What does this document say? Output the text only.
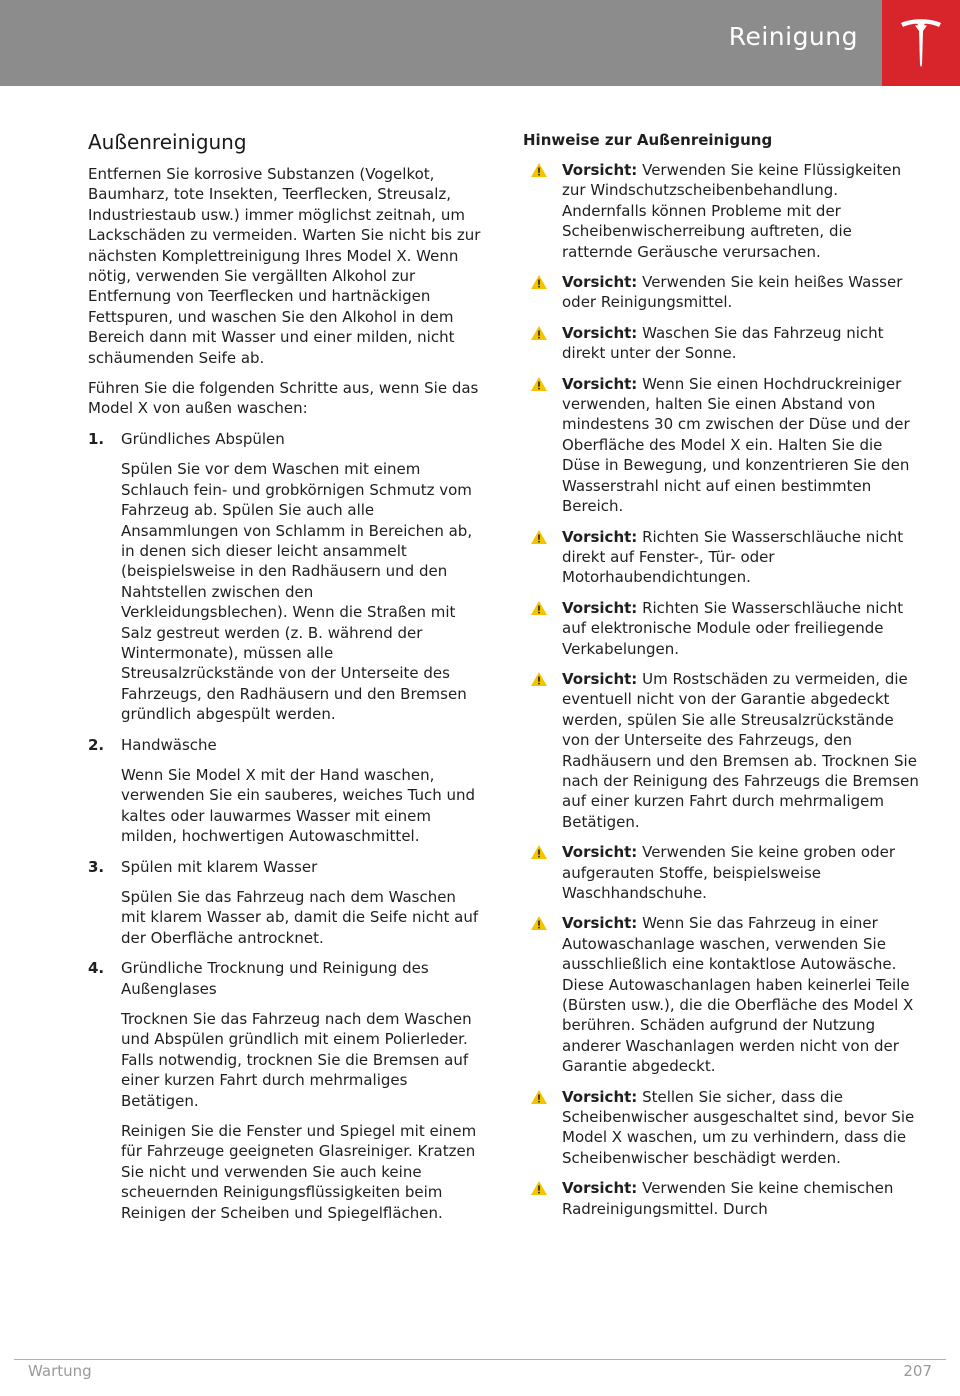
Reinigung
Außenreinigung

Entfernen Sie korrosive Substanzen (Vogelkot, Baumharz, tote Insekten, Teerflecken, Streusalz, Industriestaub usw.) immer möglichst zeitnah, um Lackschäden zu vermeiden. Warten Sie nicht bis zur nächsten Komplettreinigung Ihres Model X. Wenn nötig, verwenden Sie vergällten Alkohol zur Entfernung von Teerflecken und hartnäckigen Fettspuren, und waschen Sie den Alkohol in dem Bereich dann mit Wasser und einer milden, nicht schäumenden Seife ab.

Führen Sie die folgenden Schritte aus, wenn Sie das Model X von außen waschen:

1. Gründliches Abspülen

Spülen Sie vor dem Waschen mit einem Schlauch fein- und grobkörnigen Schmutz vom Fahrzeug ab. Spülen Sie auch alle Ansammlungen von Schlamm in Bereichen ab, in denen sich dieser leicht ansammelt (beispielsweise in den Radhäusern und den Nahtstellen zwischen den Verkleidungsblechen). Wenn die Straßen mit Salz gestreut werden (z. B. während der Wintermonate), müssen alle Streusalzrückstände von der Unterseite des Fahrzeugs, den Radhäusern und den Bremsen gründlich abgespült werden.

2. Handwäsche

Wenn Sie Model X mit der Hand waschen, verwenden Sie ein sauberes, weiches Tuch und kaltes oder lauwarmes Wasser mit einem milden, hochwertigen Autowaschmittel.

3. Spülen mit klarem Wasser

Spülen Sie das Fahrzeug nach dem Waschen mit klarem Wasser ab, damit die Seife nicht auf der Oberfläche antrocknet.

4. Gründliche Trocknung und Reinigung des Außenglases

Trocknen Sie das Fahrzeug nach dem Waschen und Abspülen gründlich mit einem Polierleder. Falls notwendig, trocknen Sie die Bremsen auf einer kurzen Fahrt durch mehrmaliges Betätigen.

Reinigen Sie die Fenster und Spiegel mit einem für Fahrzeuge geeigneten Glasreiniger. Kratzen Sie nicht und verwenden Sie auch keine scheuernden Reinigungsflüssigkeiten beim Reinigen der Scheiben und Spiegelflächen.

Hinweise zur Außenreinigung

Vorsicht: Verwenden Sie keine Flüssigkeiten zur Windschutzscheibenbehandlung. Andernfalls können Probleme mit der Scheibenwischerreibung auftreten, die ratternde Geräusche verursachen.

Vorsicht: Verwenden Sie kein heißes Wasser oder Reinigungsmittel.

Vorsicht: Waschen Sie das Fahrzeug nicht direkt unter der Sonne.

Vorsicht: Wenn Sie einen Hochdruckreiniger verwenden, halten Sie einen Abstand von mindestens 30 cm zwischen der Düse und der Oberfläche des Model X ein. Halten Sie die Düse in Bewegung, und konzentrieren Sie den Wasserstrahl nicht auf einen bestimmten Bereich.

Vorsicht: Richten Sie Wasserschläuche nicht direkt auf Fenster-, Tür- oder Motorhaubendichtungen.

Vorsicht: Richten Sie Wasserschläuche nicht auf elektronische Module oder freiliegende Verkabelungen.

Vorsicht: Um Rostschäden zu vermeiden, die eventuell nicht von der Garantie abgedeckt werden, spülen Sie alle Streusalzrückstände von der Unterseite des Fahrzeugs, den Radhäusern und den Bremsen ab. Trocknen Sie nach der Reinigung des Fahrzeugs die Bremsen auf einer kurzen Fahrt durch mehrmaligem Betätigen.

Vorsicht: Verwenden Sie keine groben oder aufgerauten Stoffe, beispielsweise Waschhandschuhe.

Vorsicht: Wenn Sie das Fahrzeug in einer Autowaschanlage waschen, verwenden Sie ausschließlich eine kontaktlose Autowäsche. Diese Autowaschanlagen haben keinerlei Teile (Bürsten usw.), die die Oberfläche des Model X berühren. Schäden aufgrund der Nutzung anderer Waschanlagen werden nicht von der Garantie abgedeckt.

Vorsicht: Stellen Sie sicher, dass die Scheibenwischer ausgeschaltet sind, bevor Sie Model X waschen, um zu verhindern, dass die Scheibenwischer beschädigt werden.

Vorsicht: Verwenden Sie keine chemischen Radreinigungsmittel. Durch

Wartung	207
